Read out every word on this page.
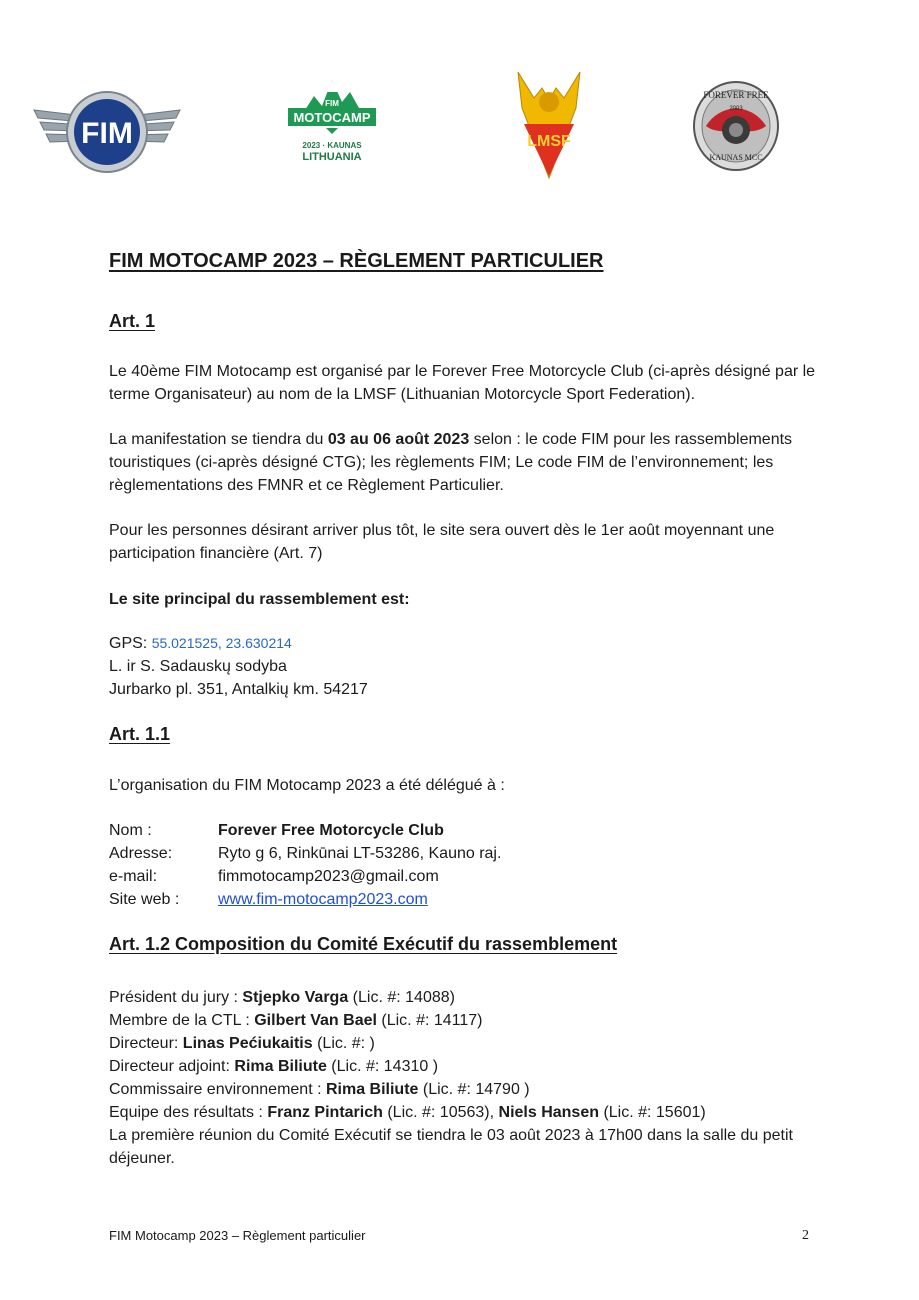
FIM
FIM
MOTOCAMP
2023 · KAUNAS
LITHUANIA
LMSF
FOREVER FREE
2003
KAUNAS MCC
FIM MOTOCAMP 2023 – RÈGLEMENT PARTICULIER
Art. 1

Le 40ème FIM Motocamp est organisé par le Forever Free Motorcycle Club (ci-après désigné par le terme Organisateur) au nom de la LMSF (Lithuanian Motorcycle Sport Federation).

La manifestation se tiendra du 03 au 06 août 2023 selon : le code FIM pour les rassemblements touristiques (ci-après désigné CTG); les règlements FIM; Le code FIM de l’environnement; les règlementations des FMNR et ce Règlement Particulier.

Pour les personnes désirant arriver plus tôt, le site sera ouvert dès le 1er août moyennant une participation financière (Art. 7)

Le site principal du rassemblement est:

GPS: 55.021525, 23.630214

L. ir S. Sadauskų sodyba

Jurbarko pl. 351, Antalkių km. 54217

Art. 1.1

L’organisation du FIM Motocamp 2023 a été délégué à :

Nom :	Forever Free Motorcycle Club
Adresse:	Ryto g 6, Rinkūnai LT-53286, Kauno raj.
e-mail:	fimmotocamp2023@gmail.com
Site web :	www.fim-motocamp2023.com
Art. 1.2 Composition du Comité Exécutif du rassemblement

Président du jury : Stjepko Varga (Lic. #: 14088)

Membre de la CTL : Gilbert Van Bael (Lic. #: 14117)

Directeur: Linas Pećiukaitis (Lic. #: )

Directeur adjoint: Rima Biliute (Lic. #: 14310 )

Commissaire environnement : Rima Biliute (Lic. #: 14790 )

Equipe des résultats : Franz Pintarich (Lic. #: 10563), Niels Hansen (Lic. #: 15601)

La première réunion du Comité Exécutif se tiendra le 03 août 2023 à 17h00 dans la salle du petit déjeuner.

FIM Motocamp 2023 – Règlement particulier	2
